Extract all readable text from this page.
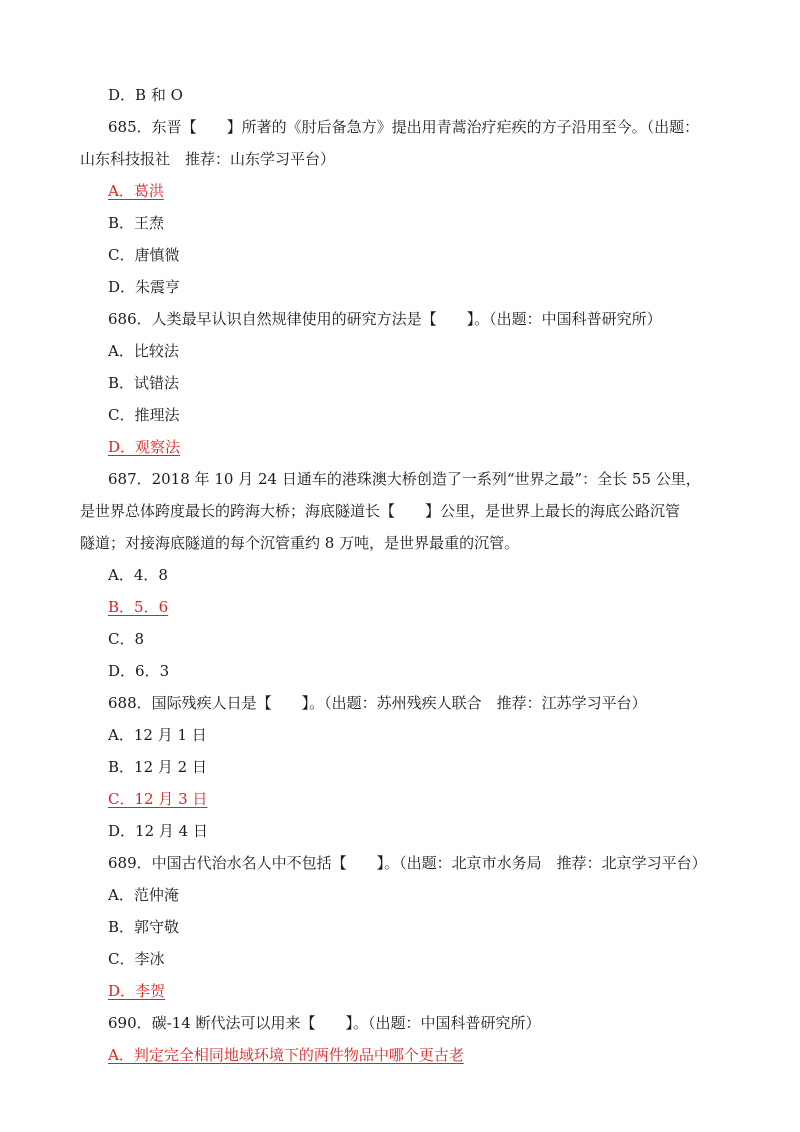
D．B 和 O
685．东晋【　　】所著的《肘后备急方》提出用青蒿治疗疟疾的方子沿用至今。（出题：
山东科技报社　推荐：山东学习平台）
A．葛洪
B．王焘
C．唐慎微
D．朱震亨
686．人类最早认识自然规律使用的研究方法是【　　】。（出题：中国科普研究所）
A．比较法
B．试错法
C．推理法
D．观察法
687．2018 年 10 月 24 日通车的港珠澳大桥创造了一系列“世界之最”：全长 55 公里，
是世界总体跨度最长的跨海大桥；海底隧道长【　　】公里，是世界上最长的海底公路沉管
隧道；对接海底隧道的每个沉管重约 8 万吨，是世界最重的沉管。
A．4．8
B．5．6
C．8
D．6．3
688．国际残疾人日是【　　】。（出题：苏州残疾人联合　推荐：江苏学习平台）
A．12 月 1 日
B．12 月 2 日
C．12 月 3 日
D．12 月 4 日
689．中国古代治水名人中不包括【　　】。（出题：北京市水务局　推荐：北京学习平台）
A．范仲淹
B．郭守敬
C．李冰
D．李贺
690．碳-14 断代法可以用来【　　】。（出题：中国科普研究所）
A．判定完全相同地域环境下的两件物品中哪个更古老
